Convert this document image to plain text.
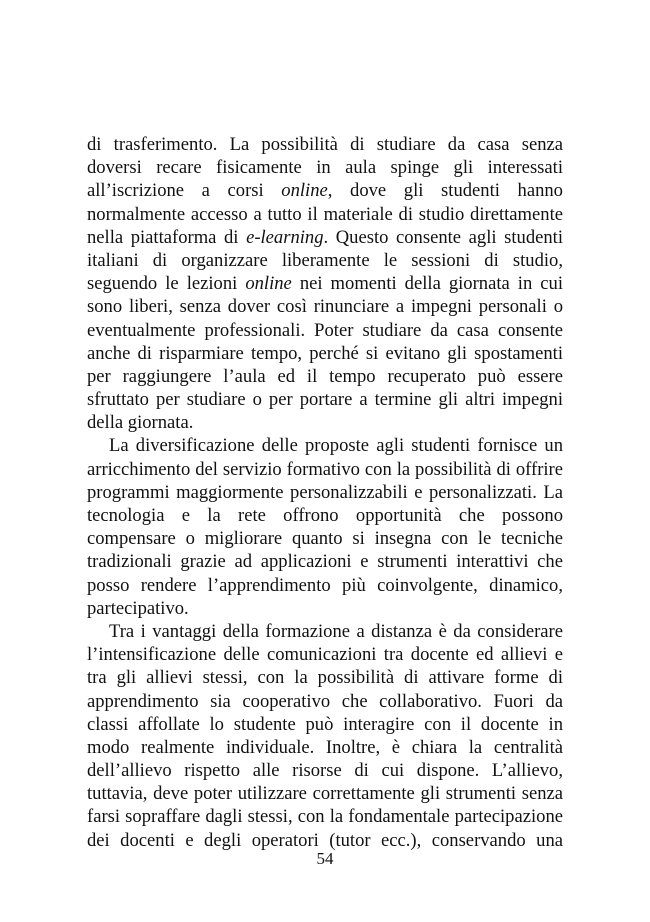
di trasferimento. La possibilità di studiare da casa senza
doversi recare fisicamente in aula spinge gli interessati
all’iscrizione a corsi online, dove gli studenti hanno
normalmente accesso a tutto il materiale di studio direttamente
nella piattaforma di e-learning. Questo consente agli studenti
italiani di organizzare liberamente le sessioni di studio,
seguendo le lezioni online nei momenti della giornata in cui
sono liberi, senza dover così rinunciare a impegni personali o
eventualmente professionali. Poter studiare da casa consente
anche di risparmiare tempo, perché si evitano gli spostamenti
per raggiungere l’aula ed il tempo recuperato può essere
sfruttato per studiare o per portare a termine gli altri impegni
della giornata.
La diversificazione delle proposte agli studenti fornisce un
arricchimento del servizio formativo con la possibilità di offrire
programmi maggiormente personalizzabili e personalizzati. La
tecnologia e la rete offrono opportunità che possono
compensare o migliorare quanto si insegna con le tecniche
tradizionali grazie ad applicazioni e strumenti interattivi che
posso rendere l’apprendimento più coinvolgente, dinamico,
partecipativo.
Tra i vantaggi della formazione a distanza è da considerare
l’intensificazione delle comunicazioni tra docente ed allievi e
tra gli allievi stessi, con la possibilità di attivare forme di
apprendimento sia cooperativo che collaborativo. Fuori da
classi affollate lo studente può interagire con il docente in
modo realmente individuale. Inoltre, è chiara la centralità
dell’allievo rispetto alle risorse di cui dispone. L’allievo,
tuttavia, deve poter utilizzare correttamente gli strumenti senza
farsi sopraffare dagli stessi, con la fondamentale partecipazione
dei docenti e degli operatori (tutor ecc.), conservando una
54
